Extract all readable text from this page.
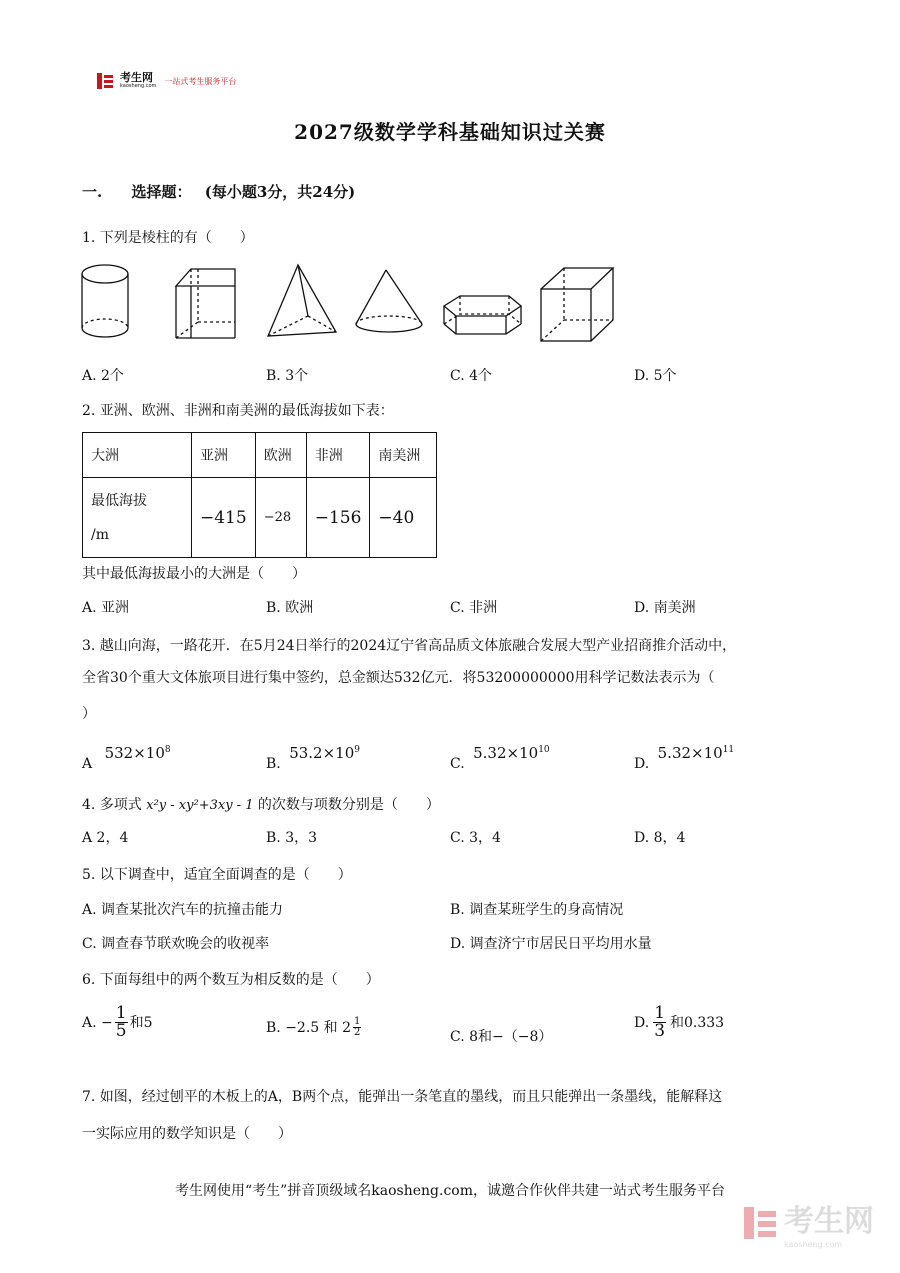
考生网
kaosheng.com
一站式考生服务平台
2027级数学学科基础知识过关赛
一. 选择题： (每小题3分，共24分)
1. 下列是棱柱的有（　　）
A. 2个	B. 3个	C. 4个	D. 5个
2. 亚洲、欧洲、非洲和南美洲的最低海拔如下表：
大洲	亚洲	欧洲	非洲	南美洲

最低海拔
/m	−415	−28	−156	−40
其中最低海拔最小的大洲是（　　）
A. 亚洲	B. 欧洲	C. 非洲	D. 南美洲
3. 越山向海，一路花开．在5月24日举行的2024辽宁省高品质文体旅融合发展大型产业招商推介活动中，
全省30个重大文体旅项目进行集中签约，总金额达532亿元．将53200000000用科学记数法表示为（
）
A $532\times 10^8$
B. $53.2\times 10^9$
C. $5.32\times 10^{10}$
D. $5.32\times 10^{11}$
4. 多项式 x²y - xy²+3xy - 1 的次数与项数分别是（　　）
A 2，4	B. 3，3	C. 3，4	D. 8，4
5. 以下调查中，适宜全面调查的是（　　）
A. 调查某批次汽车的抗撞击能力	B. 调查某班学生的身高情况
C. 调查春节联欢晚会的收视率	D. 调查济宁市居民日平均用水量
6. 下面每组中的两个数互为相反数的是（　　）
A. − $\frac{1}{5}$ 和5	B. −2.5 和 $2 \frac{1}{2}$	C. 8和−（−8）
D. $\frac{1}{3}$ 和0.333
7. 如图，经过刨平的木板上的A，B两个点，能弹出一条笔直的墨线，而且只能弹出一条墨线，能解释这
一实际应用的数学知识是（　　）
考生网使用“考生”拼音顶级域名kaosheng.com，诚邀合作伙伴共建一站式考生服务平台
考生网
kaosheng.com
